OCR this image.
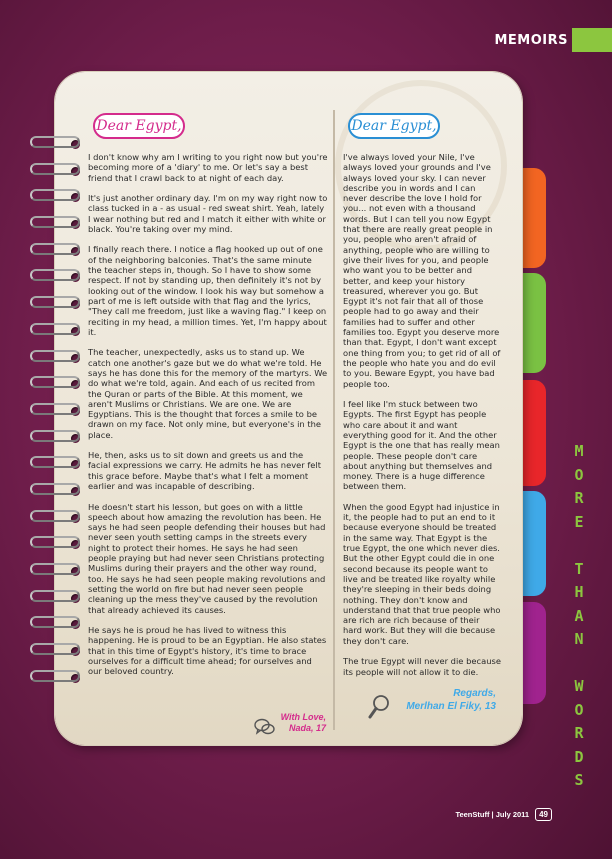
MEMOIRS
M
O
R
E

T
H
A
N

W
O
R
D
S
Dear Egypt,	Dear Egypt,

I don't know why am I writing to you right now but you're becoming more of a 'diary' to me. Or let's say a best friend that I crawl back to at night of each day.

It's just another ordinary day. I'm on my way right now to class tucked in a - as usual - red sweat shirt. Yeah, lately I wear nothing but red and I match it either with white or black. You're taking over my mind.

I finally reach there. I notice a flag hooked up out of one of the neighboring balconies. That's the same minute the teacher steps in, though. So I have to show some respect. If not by standing up, then definitely it's not by looking out of the window. I look his way but somehow a part of me is left outside with that flag and the lyrics, "They call me freedom, just like a waving flag." I keep on reciting in my head, a million times. Yet, I'm happy about it.

The teacher, unexpectedly, asks us to stand up. We catch one another's gaze but we do what we're told. He says he has done this for the memory of the martyrs. We do what we're told, again. And each of us recited from the Quran or parts of the Bible. At this moment, we aren't Muslims or Christians. We are one. We are Egyptians. This is the thought that forces a smile to be drawn on my face. Not only mine, but everyone's in the place.

He, then, asks us to sit down and greets us and the facial expressions we carry. He admits he has never felt this grace before. Maybe that's what I felt a moment earlier and was incapable of describing.

He doesn't start his lesson, but goes on with a little speech about how amazing the revolution has been. He says he had seen people defending their houses but had never seen youth setting camps in the streets every night to protect their homes. He says he had seen people praying but had never seen Christians protecting Muslims during their prayers and the other way round, too. He says he had seen people making revolutions and setting the world on fire but had never seen people cleaning up the mess they've caused by the revolution that already achieved its causes.

He says he is proud he has lived to witness this happening. He is proud to be an Egyptian. He also states that in this time of Egypt's history, it's time to brace ourselves for a difficult time ahead; for ourselves and our beloved country.

I've always loved your Nile, I've always loved your grounds and I've always loved your sky. I can never describe you in words and I can never describe the love I hold for you... not even with a thousand words. But I can tell you now Egypt that there are really great people in you, people who aren't afraid of anything, people who are willing to give their lives for you, and people who want you to be better and better, and keep your history treasured, wherever you go. But Egypt it's not fair that all of those people had to go away and their families had to suffer and other families too. Egypt you deserve more than that. Egypt, I don't want except one thing from you; to get rid of all of the people who hate you and do evil to you. Beware Egypt, you have bad people too.

I feel like I'm stuck between two Egypts. The first Egypt has people who care about it and want everything good for it. And the other Egypt is the one that has really mean people. These people don't care about anything but themselves and money. There is a huge difference between them.

When the good Egypt had injustice in it, the people had to put an end to it because everyone should be treated in the same way. That Egypt is the true Egypt, the one which never dies. But the other Egypt could die in one second because its people want to live and be treated like royalty while they're sleeping in their beds doing nothing. They don't know and understand that that true people who are rich are rich because of their hard work. But they will die because they don't care.

The true Egypt will never die because its people will not allow it to die.

With Love,
Nada, 17
Regards,
Merlhan El Fiky, 13
TeenStuff | July 2011	49
